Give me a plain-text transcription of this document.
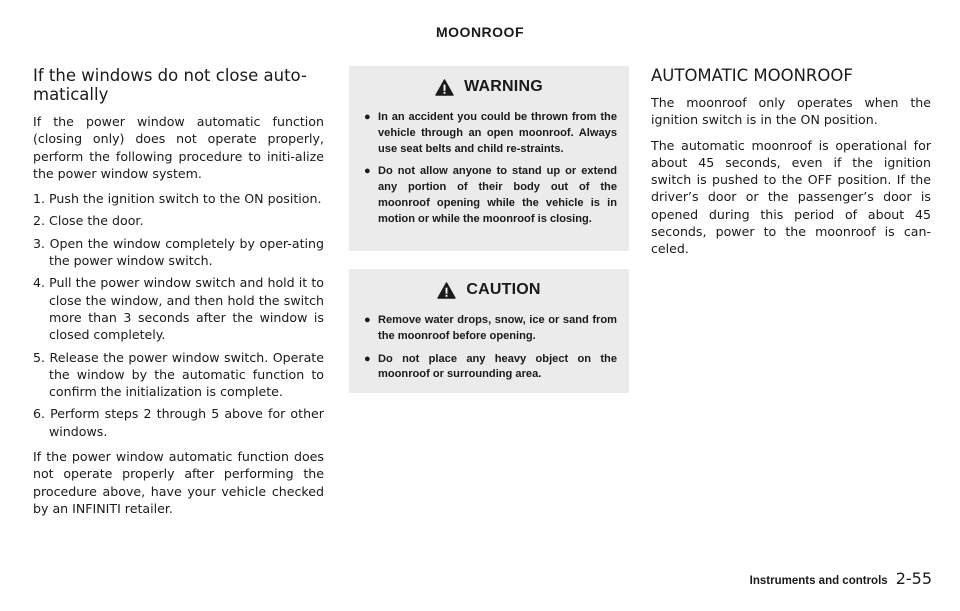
MOONROOF
If the windows do not close auto-
matically

If the power window automatic function (closing only) does not operate properly, perform the following procedure to initi-alize the power window system.

1. Push the ignition switch to the ON position.
2. Close the door.
3. Open the window completely by oper-ating the power window switch.
4. Pull the power window switch and hold it to close the window, and then hold the switch more than 3 seconds after the window is closed completely.
5. Release the power window switch. Operate the window by the automatic function to confirm the initialization is complete.
6. Perform steps 2 through 5 above for other windows.

If the power window automatic function does not operate properly after performing the procedure above, have your vehicle checked by an INFINITI retailer.

WARNING
● In an accident you could be thrown from the vehicle through an open moonroof. Always use seat belts and child re-straints.
● Do not allow anyone to stand up or extend any portion of their body out of the moonroof opening while the vehicle is in motion or while the moonroof is closing.
CAUTION
● Remove water drops, snow, ice or sand from the moonroof before opening.
● Do not place any heavy object on the moonroof or surrounding area.
AUTOMATIC MOONROOF

The moonroof only operates when the ignition switch is in the ON position.

The automatic moonroof is operational for about 45 seconds, even if the ignition switch is pushed to the OFF position. If the driver’s door or the passenger’s door is opened during this period of about 45 seconds, power to the moonroof is can-celed.

Instruments and controls 2-55
